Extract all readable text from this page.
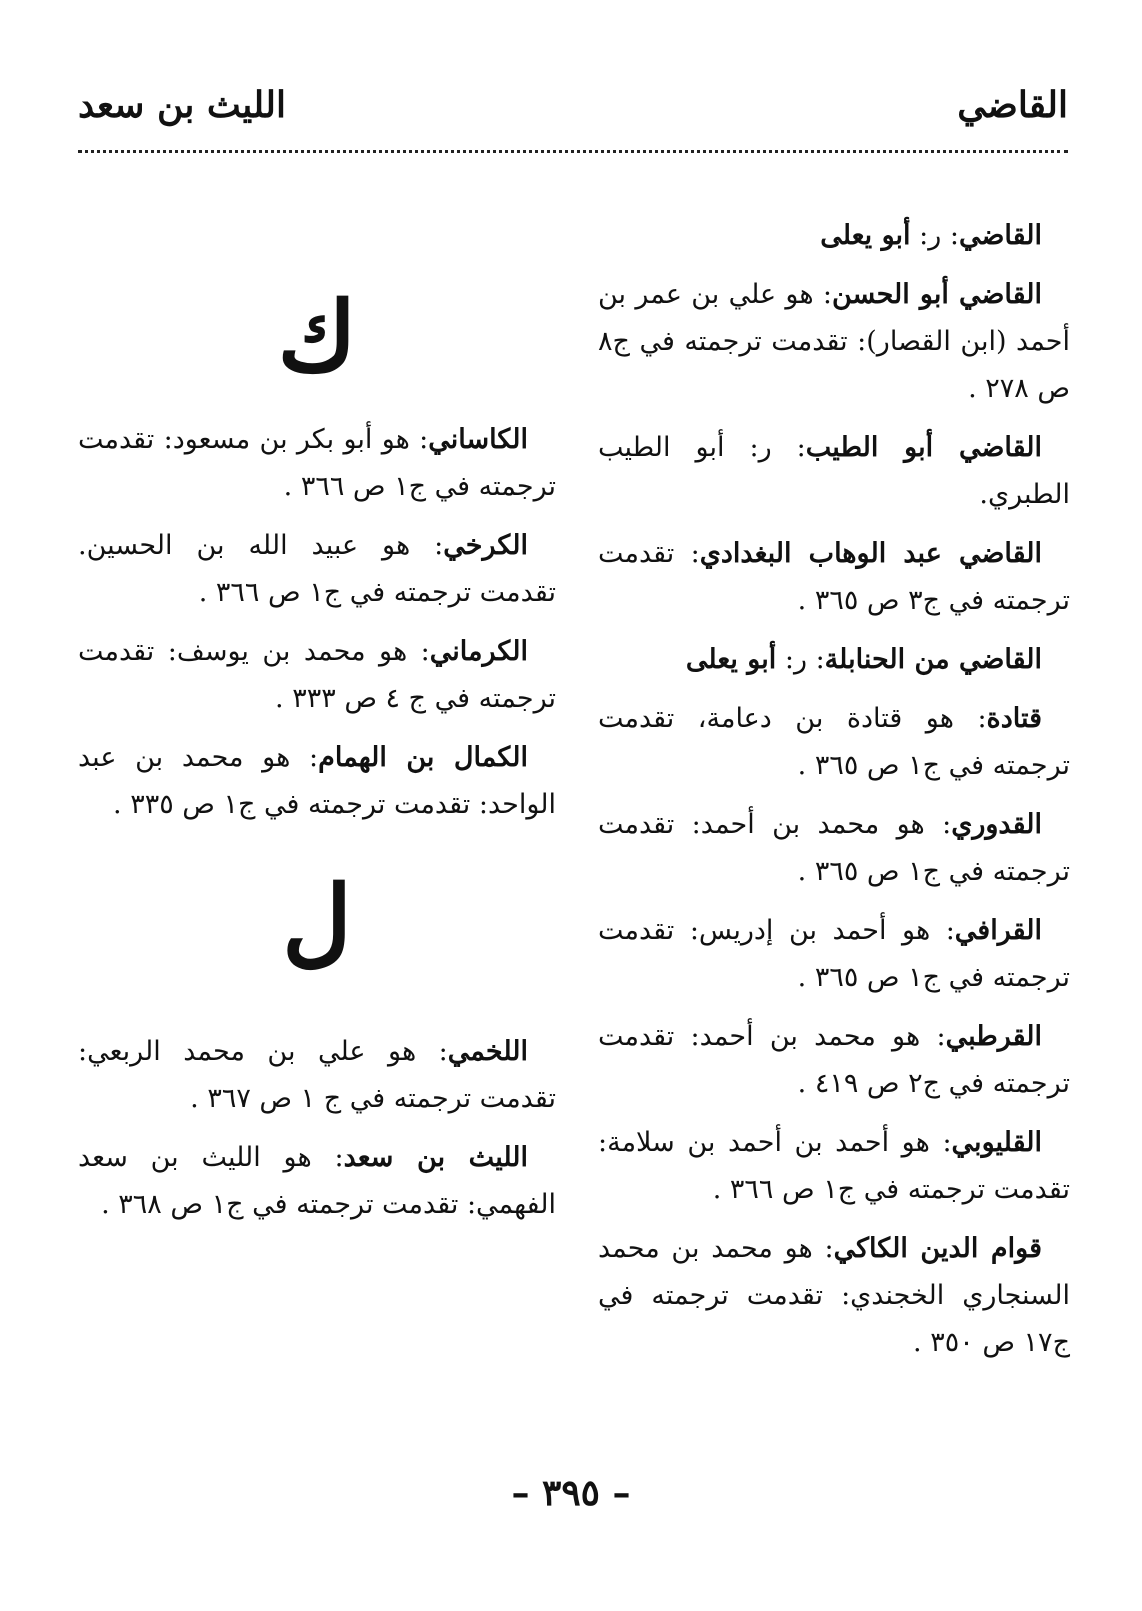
القاضي
الليث بن سعد

القاضي: ر: أبو يعلى

القاضي أبو الحسن: هو علي بن عمر بن أحمد (ابن القصار): تقدمت ترجمته في ج٨ ص ٢٧٨ .

القاضي أبو الطيب: ر: أبو الطيب الطبري.

القاضي عبد الوهاب البغدادي: تقدمت ترجمته في ج٣ ص ٣٦٥ .

القاضي من الحنابلة: ر: أبو يعلى

قتادة: هو قتادة بن دعامة، تقدمت ترجمته في ج١ ص ٣٦٥ .

القدوري: هو محمد بن أحمد: تقدمت ترجمته في ج١ ص ٣٦٥ .

القرافي: هو أحمد بن إدريس: تقدمت ترجمته في ج١ ص ٣٦٥ .

القرطبي: هو محمد بن أحمد: تقدمت ترجمته في ج٢ ص ٤١٩ .

القليوبي: هو أحمد بن أحمد بن سلامة: تقدمت ترجمته في ج١ ص ٣٦٦ .

قوام الدين الكاكي: هو محمد بن محمد السنجاري الخجندي: تقدمت ترجمته في ج١٧ ص ٣٥٠ .

ك

الكاساني: هو أبو بكر بن مسعود: تقدمت ترجمته في ج١ ص ٣٦٦ .

الكرخي: هو عبيد الله بن الحسين. تقدمت ترجمته في ج١ ص ٣٦٦ .

الكرماني: هو محمد بن يوسف: تقدمت ترجمته في ج ٤ ص ٣٣٣ .

الكمال بن الهمام: هو محمد بن عبد الواحد: تقدمت ترجمته في ج١ ص ٣٣٥ .

ل

اللخمي: هو علي بن محمد الربعي: تقدمت ترجمته في ج ١ ص ٣٦٧ .

الليث بن سعد: هو الليث بن سعد الفهمي: تقدمت ترجمته في ج١ ص ٣٦٨ .

– ٣٩٥ –
